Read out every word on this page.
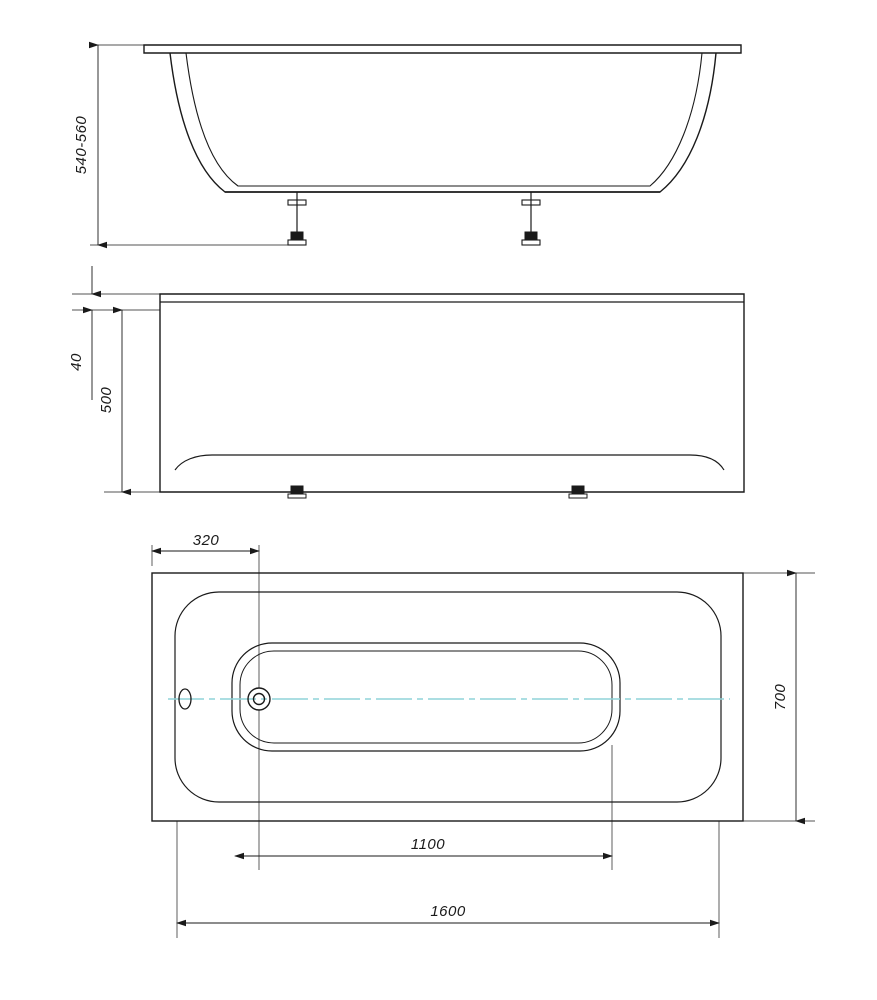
540-560
40
500
320
1100
1600
700
